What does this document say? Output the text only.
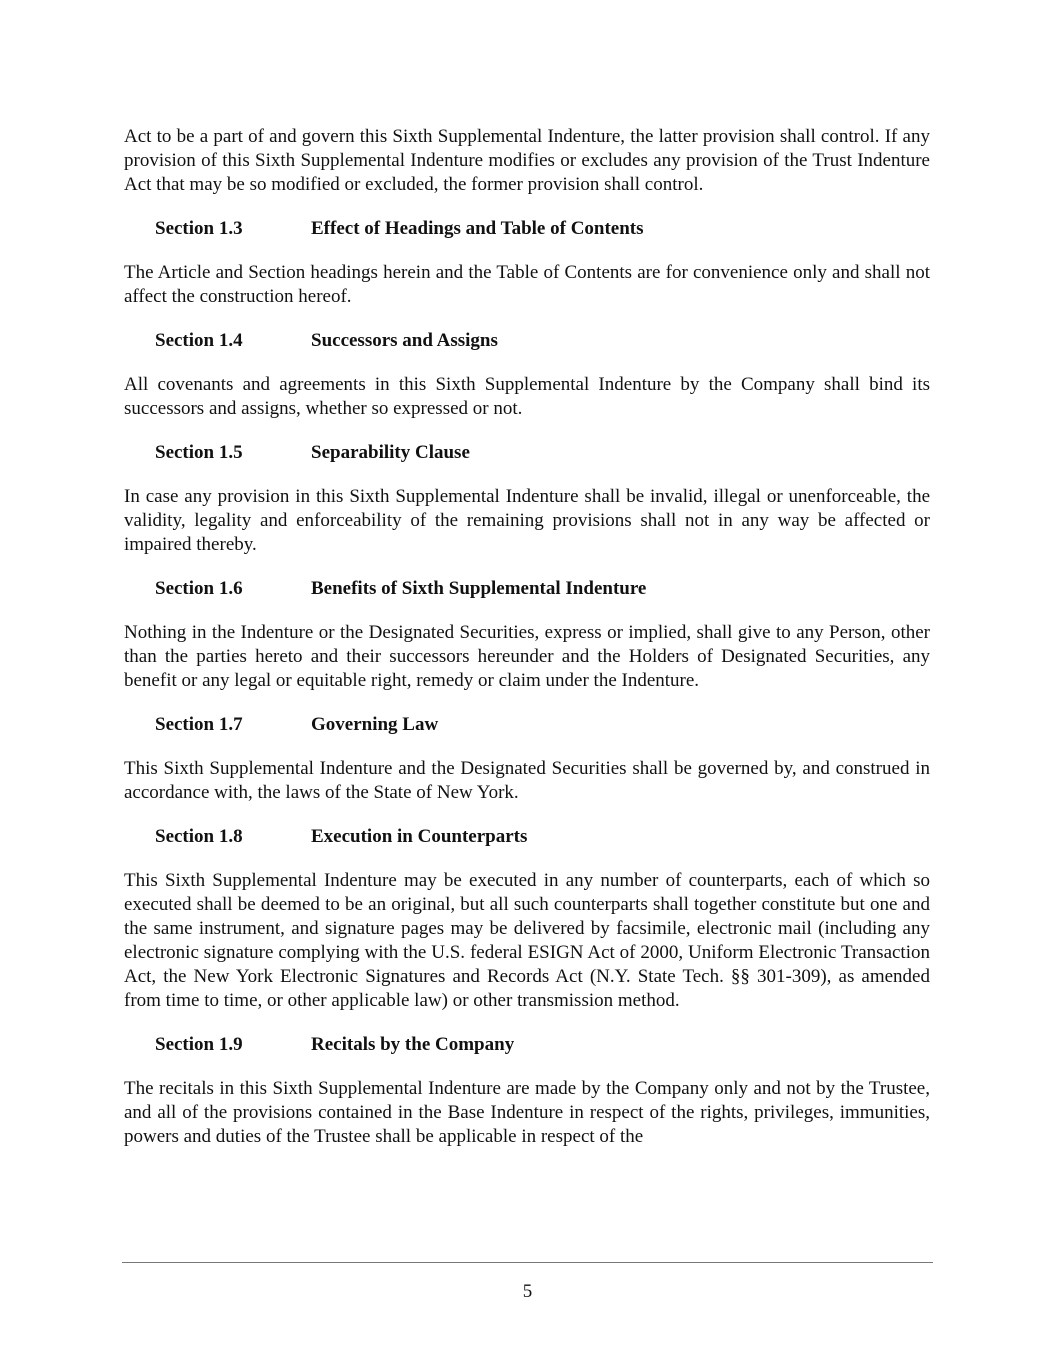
Act to be a part of and govern this Sixth Supplemental Indenture, the latter provision shall control. If any provision of this Sixth Supplemental Indenture modifies or excludes any provision of the Trust Indenture Act that may be so modified or excluded, the former provision shall control.

Section 1.3	Effect of Headings and Table of Contents

The Article and Section headings herein and the Table of Contents are for convenience only and shall not affect the construction hereof.

Section 1.4	Successors and Assigns

All covenants and agreements in this Sixth Supplemental Indenture by the Company shall bind its successors and assigns, whether so expressed or not.

Section 1.5	Separability Clause

In case any provision in this Sixth Supplemental Indenture shall be invalid, illegal or unenforceable, the validity, legality and enforceability of the remaining provisions shall not in any way be affected or impaired thereby.

Section 1.6	Benefits of Sixth Supplemental Indenture

Nothing in the Indenture or the Designated Securities, express or implied, shall give to any Person, other than the parties hereto and their successors hereunder and the Holders of Designated Securities, any benefit or any legal or equitable right, remedy or claim under the Indenture.

Section 1.7	Governing Law

This Sixth Supplemental Indenture and the Designated Securities shall be governed by, and construed in accordance with, the laws of the State of New York.

Section 1.8	Execution in Counterparts

This Sixth Supplemental Indenture may be executed in any number of counterparts, each of which so executed shall be deemed to be an original, but all such counterparts shall together constitute but one and the same instrument, and signature pages may be delivered by facsimile, electronic mail (including any electronic signature complying with the U.S. federal ESIGN Act of 2000, Uniform Electronic Transaction Act, the New York Electronic Signatures and Records Act (N.Y. State Tech. §§ 301-309), as amended from time to time, or other applicable law) or other transmission method.

Section 1.9	Recitals by the Company

The recitals in this Sixth Supplemental Indenture are made by the Company only and not by the Trustee, and all of the provisions contained in the Base Indenture in respect of the rights, privileges, immunities, powers and duties of the Trustee shall be applicable in respect of the

5
